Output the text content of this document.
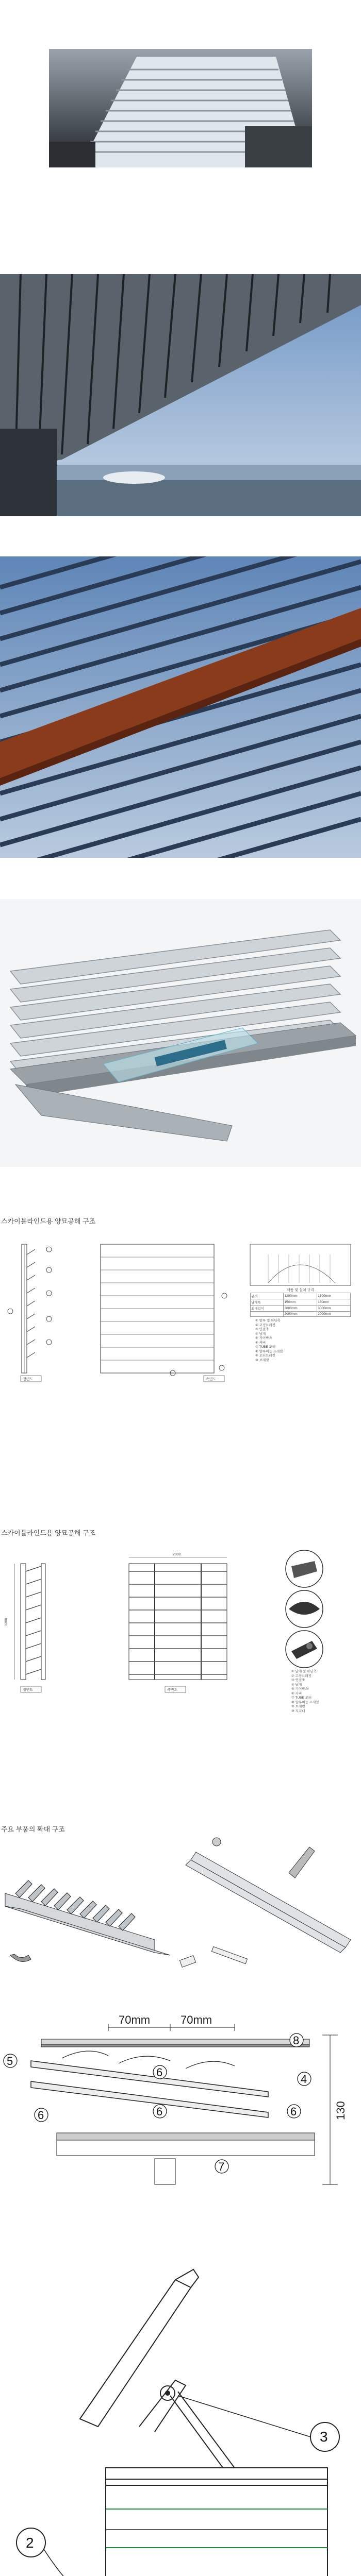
스카이블라인드용 양묘공해 구조
정면도	측면도
제품 및 설치 규격
규격	1200mm	1500mm
날개폭	150mm	150mm
최대길이	3000mm	3000mm
	2000mm	2000mm
① 알루 및 하단축
② 고정브래킷
③ 연결축
④ 날개
⑤ 기어박스
⑥ 커버
⑦ TUBE 모터
⑧ 알루미늄 프레임
⑨ 모터브래킷
⑩ 브래킷
스카이블라인드용 양묘공해 구조
1300
정면도
2000
측면도
① 날개 및 하단축
② 고정브래킷
③ 연결축
④ 날개
⑤ 기어박스
⑥ 커버
⑦ TUBE 모터
⑧ 알루미늄 프레임
⑨ 브래킷
⑩ 지지대
주요 부품의 확대 구조
70mm	70mm
130
5
4
6	6	6
7
8
6
3
2
